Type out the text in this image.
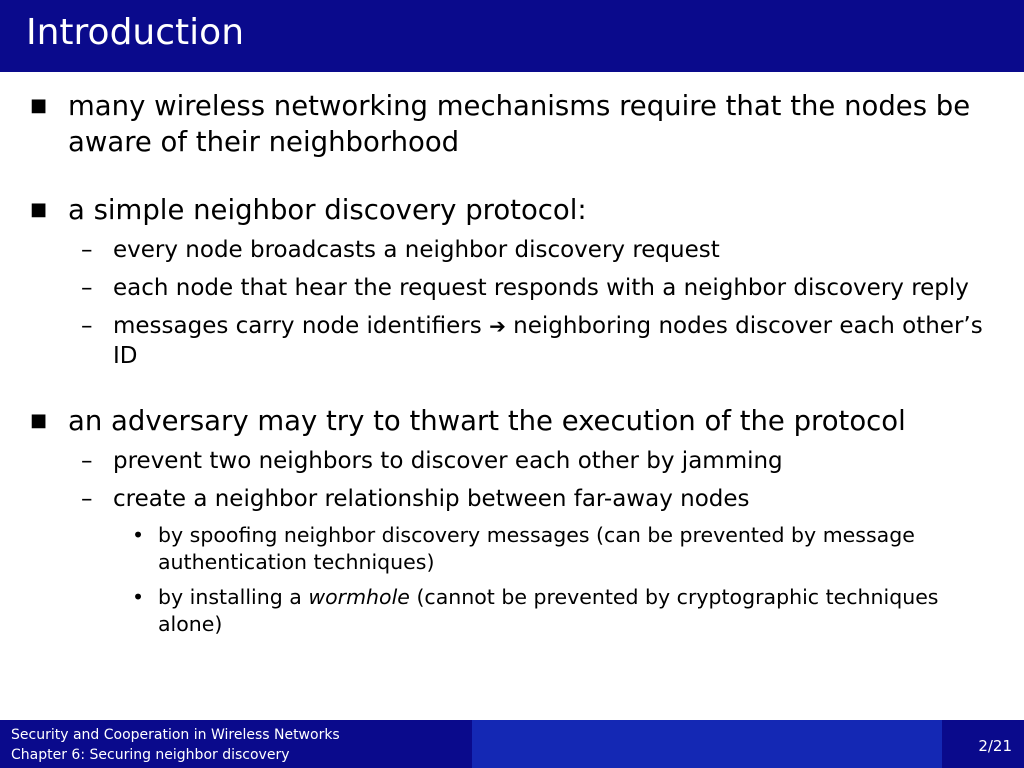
Introduction
■ many wireless networking mechanisms require that the nodes be aware of their neighborhood
■ a simple neighbor discovery protocol:
– every node broadcasts a neighbor discovery request
– each node that hear the request responds with a neighbor discovery reply
– messages carry node identifiers ➔ neighboring nodes discover each other’s ID
■ an adversary may try to thwart the execution of the protocol
– prevent two neighbors to discover each other by jamming
– create a neighbor relationship between far-away nodes
• by spoofing neighbor discovery messages (can be prevented by message authentication techniques)
• by installing a wormhole (cannot be prevented by cryptographic techniques alone)
Security and Cooperation in Wireless Networks
Chapter 6: Securing neighbor discovery	2/21
